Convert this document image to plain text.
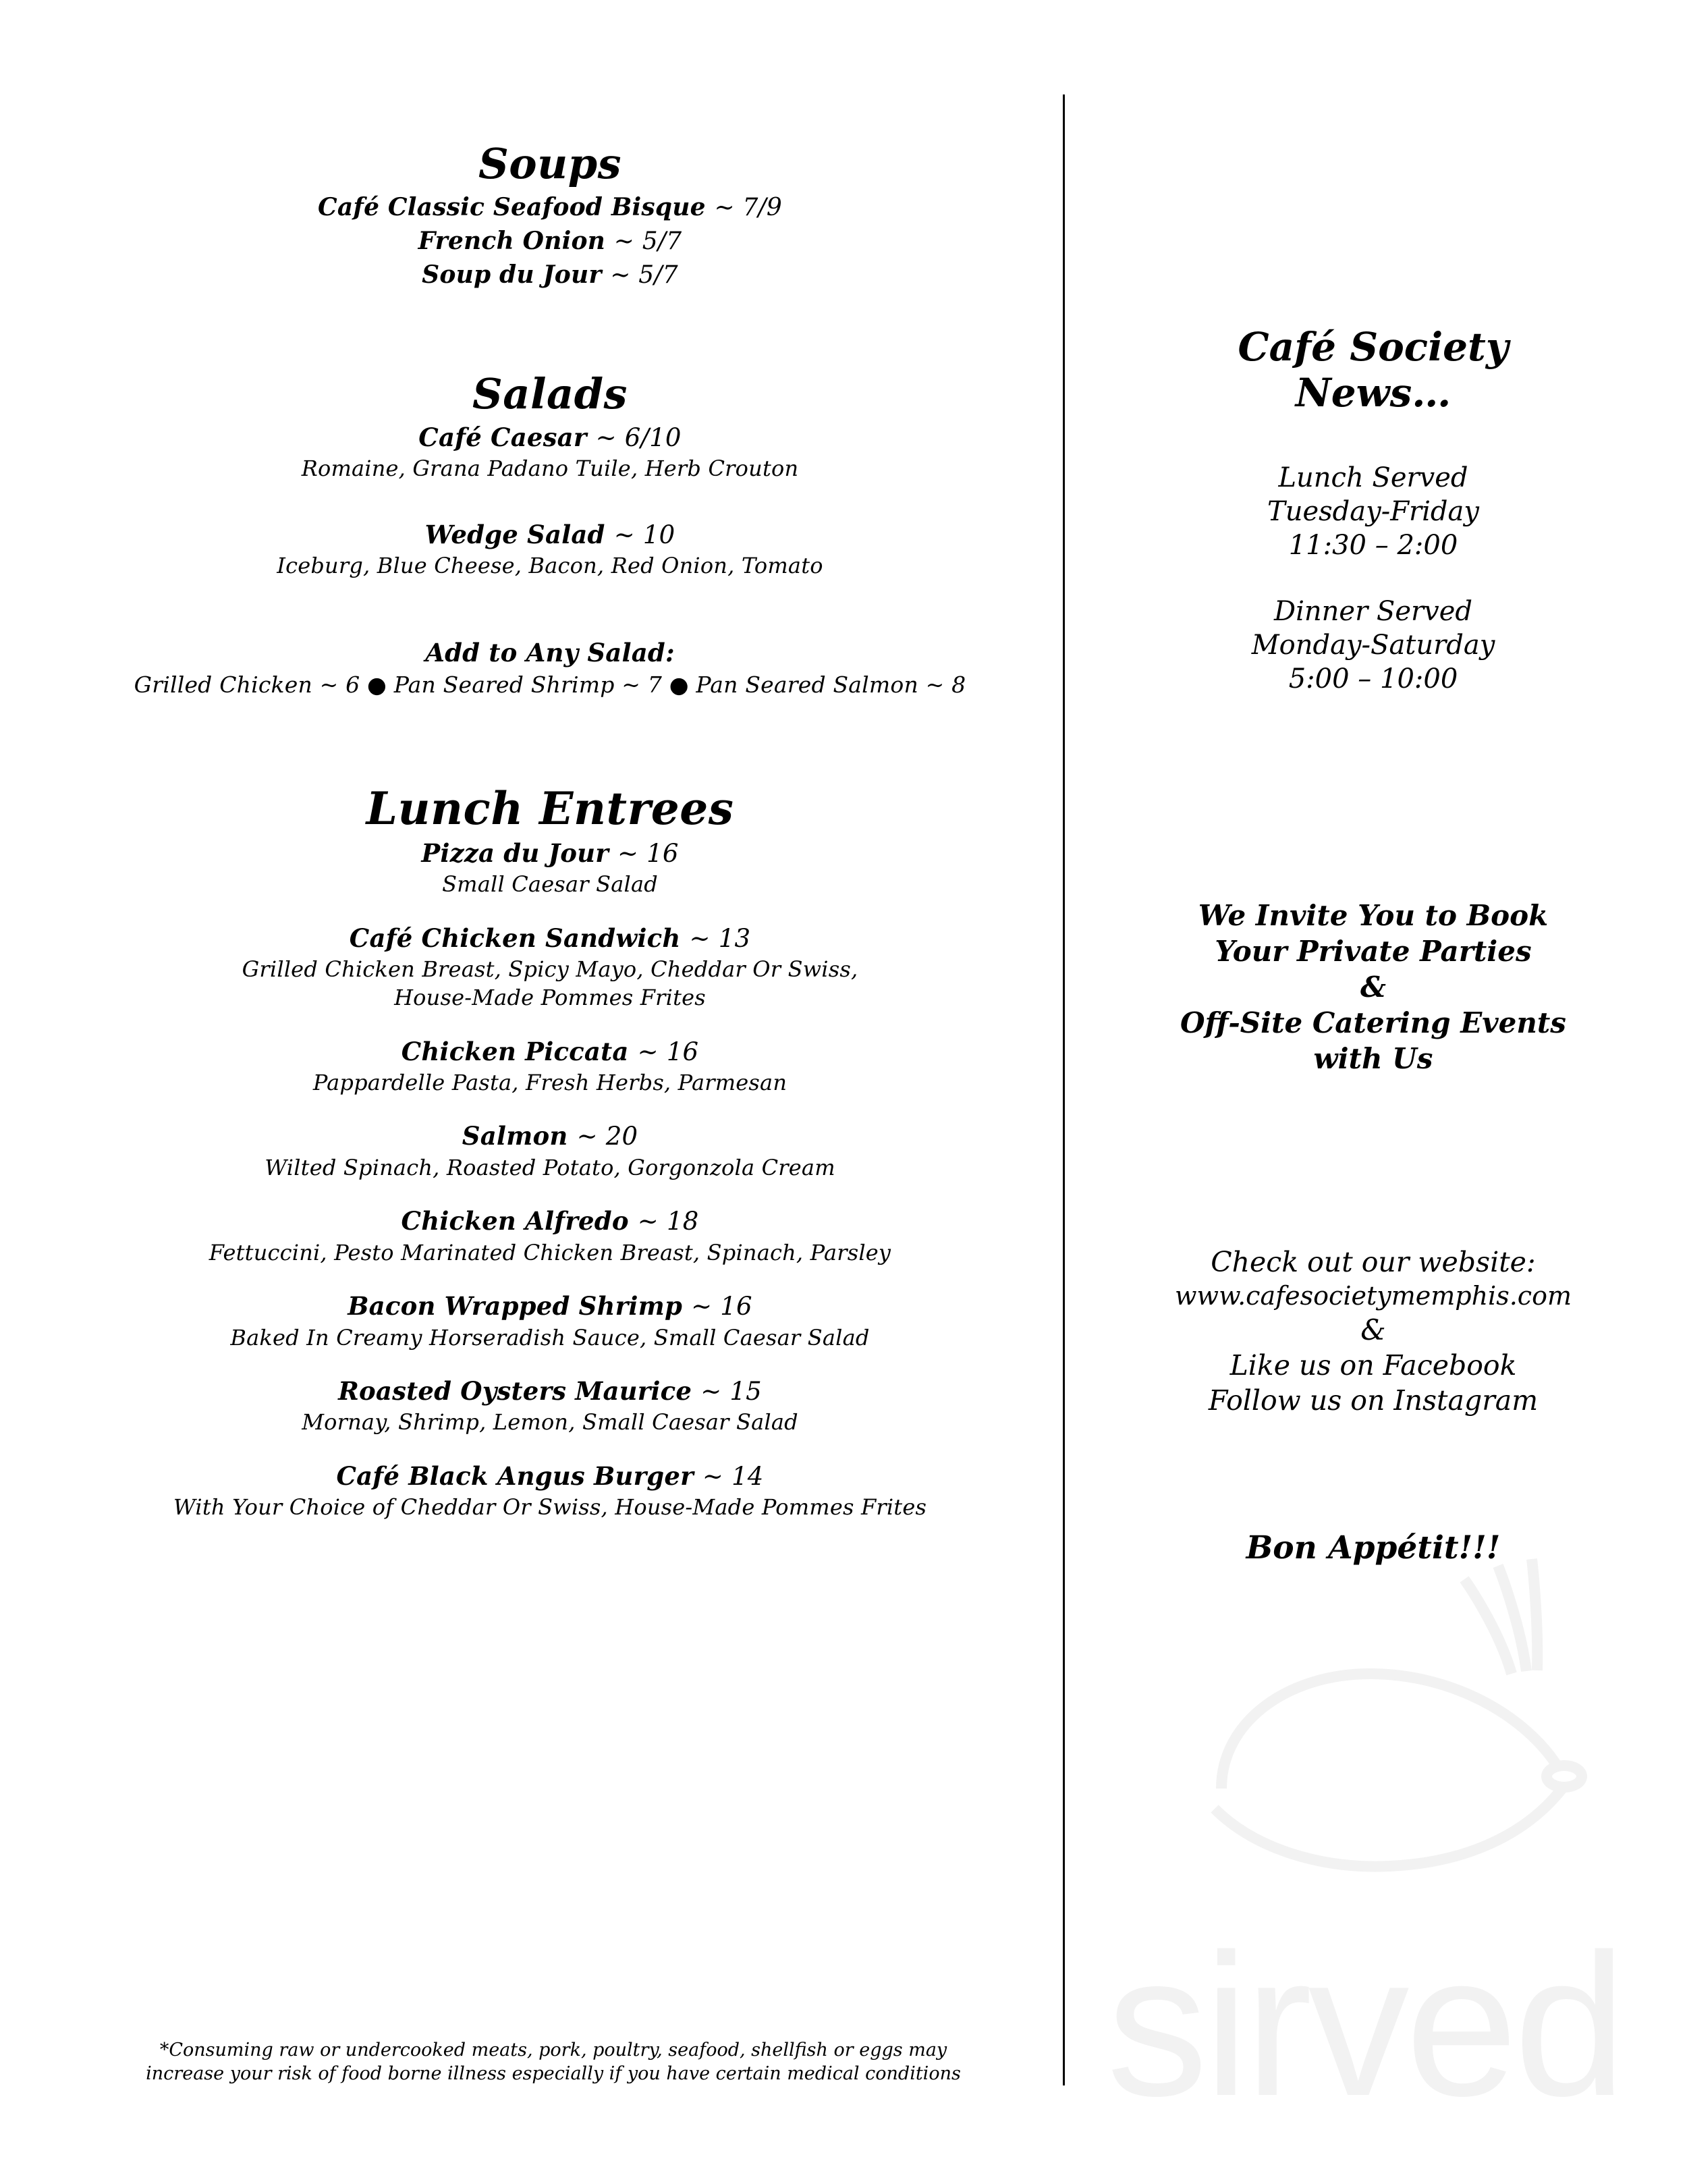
sirved
Soups
Café Classic Seafood Bisque ~ 7/9
French Onion ~ 5/7
Soup du Jour ~ 5/7
Salads
Café Caesar ~ 6/10
Romaine, Grana Padano Tuile, Herb Crouton
Wedge Salad ~ 10
Iceburg, Blue Cheese, Bacon, Red Onion, Tomato
Add to Any Salad:
Grilled Chicken ~ 6 ● Pan Seared Shrimp ~ 7 ● Pan Seared Salmon ~ 8
Lunch Entrees
Pizza du Jour ~ 16
Small Caesar Salad
Café Chicken Sandwich ~ 13
Grilled Chicken Breast, Spicy Mayo, Cheddar Or Swiss,
House-Made Pommes Frites
Chicken Piccata ~ 16
Pappardelle Pasta, Fresh Herbs, Parmesan
Salmon ~ 20
Wilted Spinach, Roasted Potato, Gorgonzola Cream
Chicken Alfredo ~ 18
Fettuccini, Pesto Marinated Chicken Breast, Spinach, Parsley
Bacon Wrapped Shrimp ~ 16
Baked In Creamy Horseradish Sauce, Small Caesar Salad
Roasted Oysters Maurice ~ 15
Mornay, Shrimp, Lemon, Small Caesar Salad
Café Black Angus Burger ~ 14
With Your Choice of Cheddar Or Swiss, House-Made Pommes Frites
*Consuming raw or undercooked meats, pork, poultry, seafood, shellfish or eggs may
increase your risk of food borne illness especially if you have certain medical conditions
Café Society
News…
Lunch Served
Tuesday-Friday
11:30 – 2:00
Dinner Served
Monday-Saturday
5:00 – 10:00
We Invite You to Book
Your Private Parties
&
Off-Site Catering Events
with Us
Check out our website:
www.cafesocietymemphis.com
&
Like us on Facebook
Follow us on Instagram
Bon Appétit!!!
